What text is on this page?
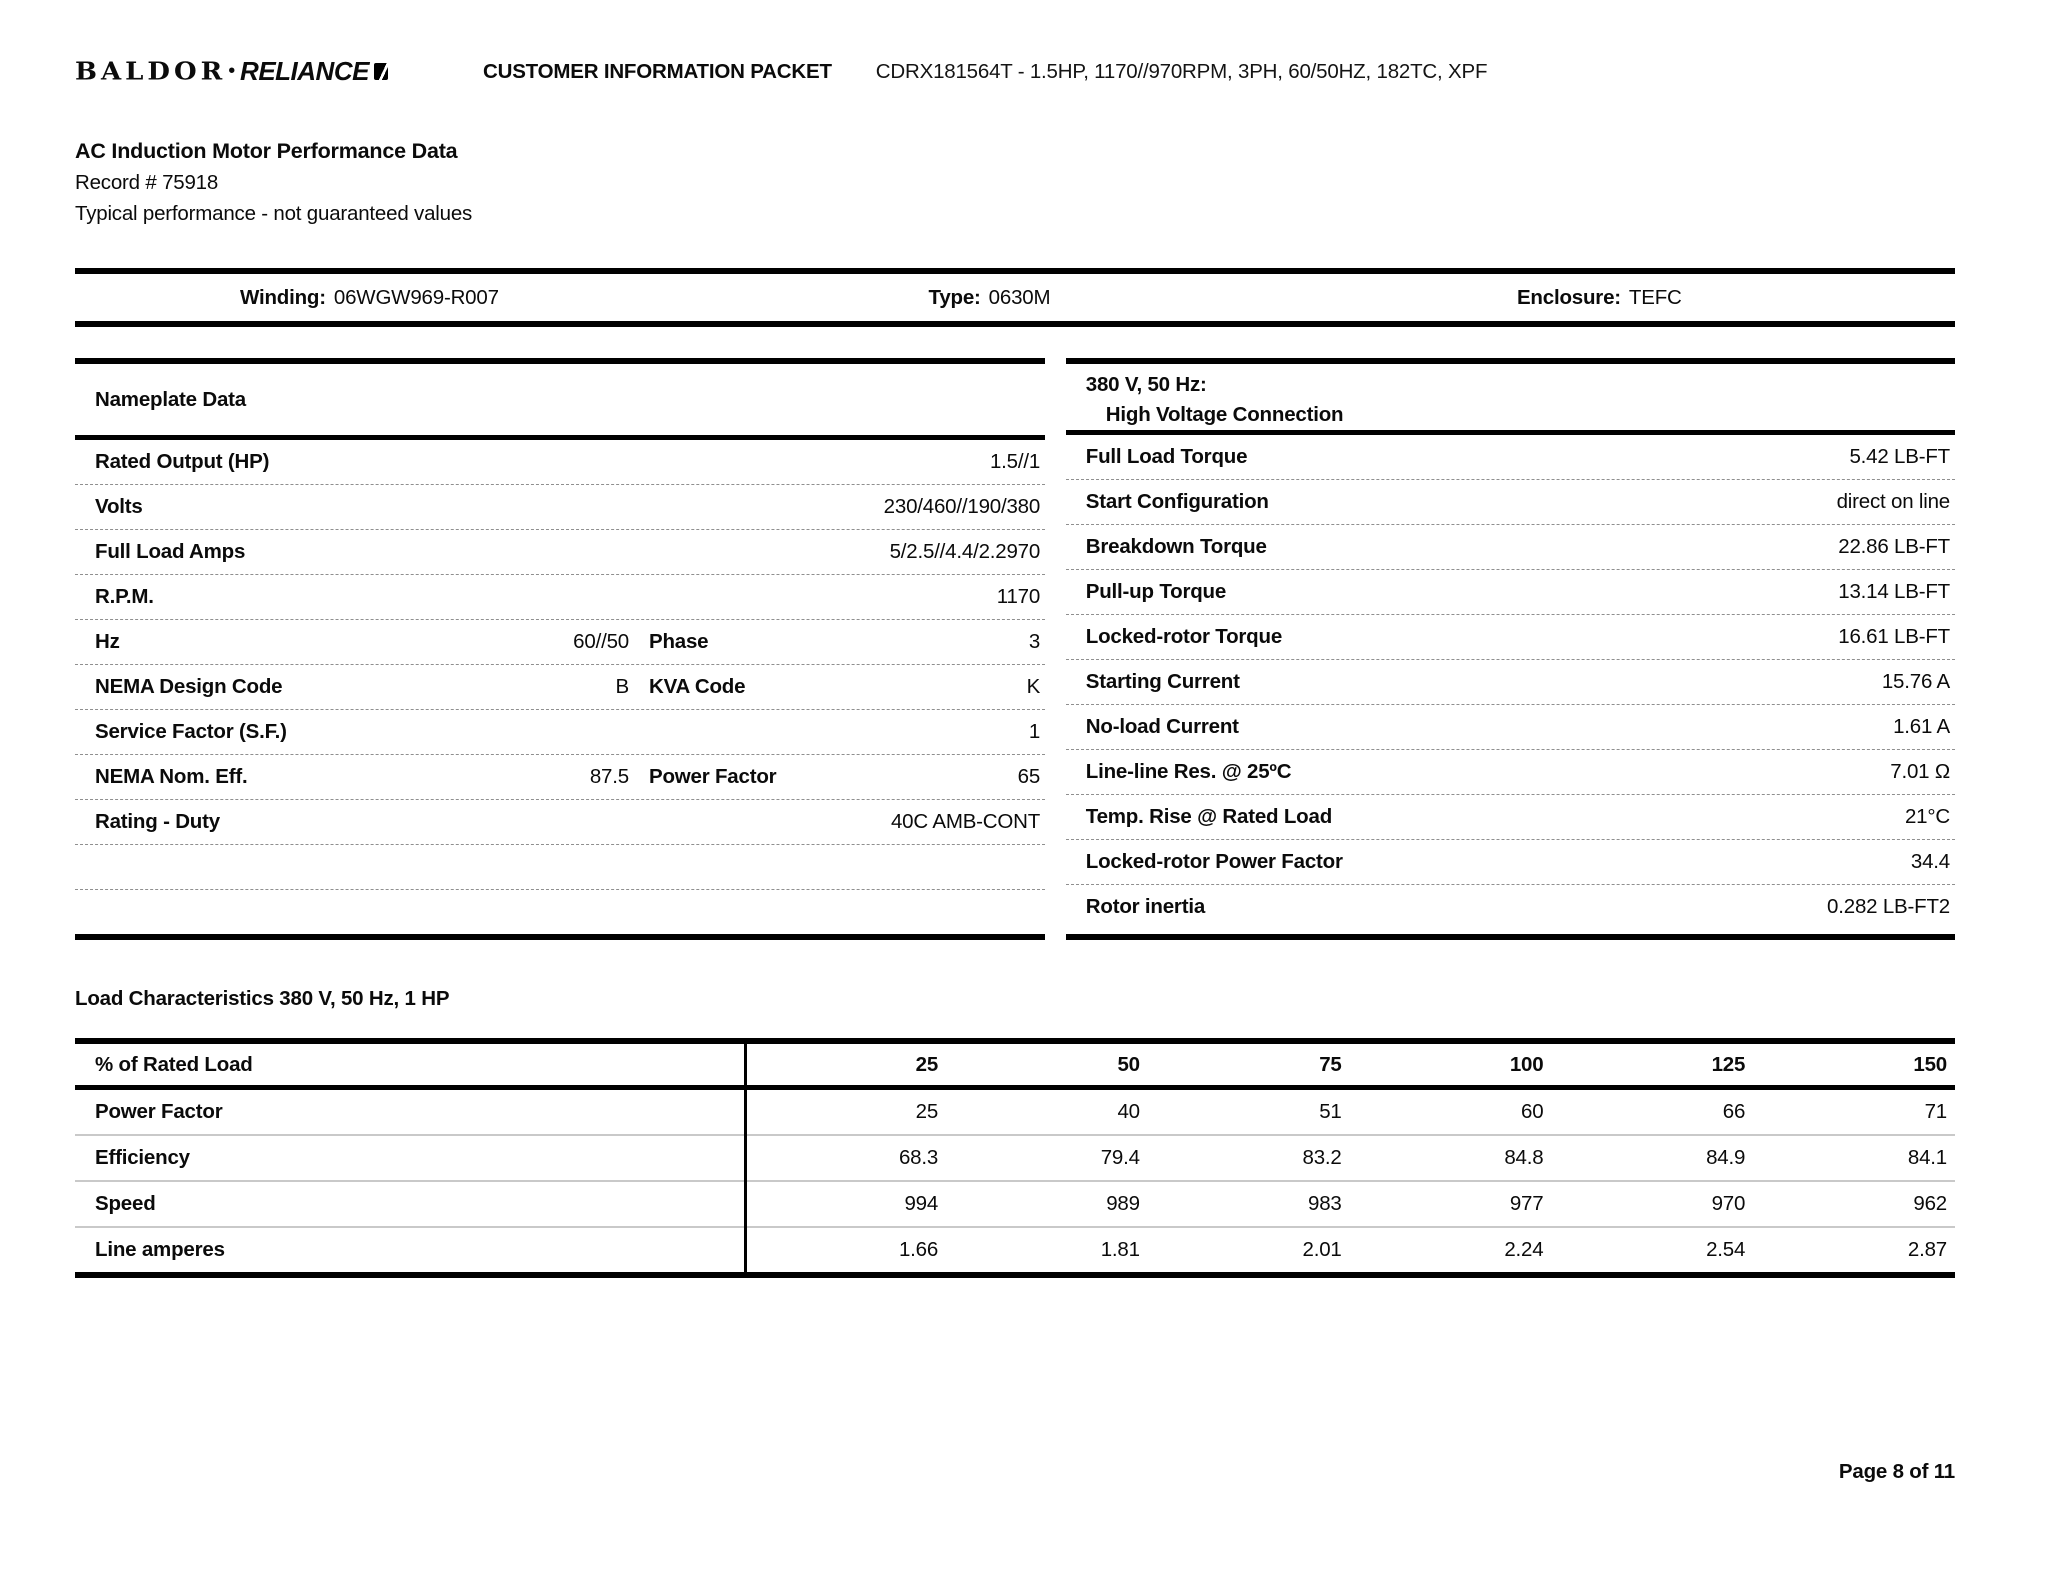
BALDOR • RELIANCE	CUSTOMER INFORMATION PACKET CDRX181564T - 1.5HP, 1170//970RPM, 3PH, 60/50HZ, 182TC, XPF
AC Induction Motor Performance Data
Record # 75918
Typical performance - not guaranteed values
Winding: 06WGW969-R007	Type: 0630M	Enclosure: TEFC
Nameplate Data
Rated Output (HP)	1.5//1
Volts	230/460//190/380
Full Load Amps	5/2.5//4.4/2.2970
R.P.M.	1170
Hz	60//50 Phase	3
NEMA Design Code	B KVA Code	K
Service Factor (S.F.)	1
NEMA Nom. Eff.	87.5 Power Factor	65
Rating - Duty	40C AMB-CONT
380 V, 50 Hz:
High Voltage Connection
Full Load Torque	5.42 LB-FT
Start Configuration	direct on line
Breakdown Torque	22.86 LB-FT
Pull-up Torque	13.14 LB-FT
Locked-rotor Torque	16.61 LB-FT
Starting Current	15.76 A
No-load Current	1.61 A
Line-line Res. @ 25ºC	7.01 Ω
Temp. Rise @ Rated Load	21°C
Locked-rotor Power Factor	34.4
Rotor inertia	0.282 LB-FT2
Load Characteristics 380 V, 50 Hz, 1 HP
% of Rated Load	25	50	75	100	125	150
Power Factor	25	40	51	60	66	71
Efficiency	68.3	79.4	83.2	84.8	84.9	84.1
Speed	994	989	983	977	970	962
Line amperes	1.66	1.81	2.01	2.24	2.54	2.87
Page 8 of 11
